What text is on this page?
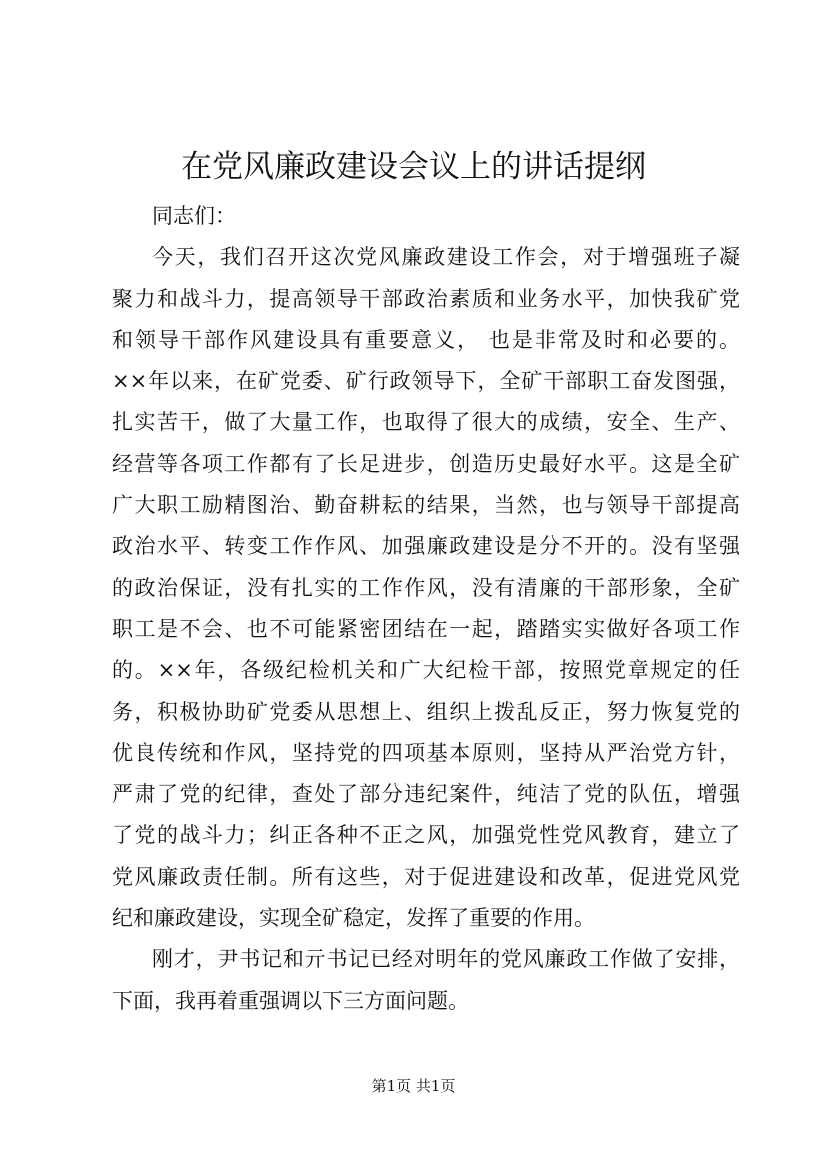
在党风廉政建设会议上的讲话提纲
同志们：
今天，我们召开这次党风廉政建设工作会，对于增强班子凝
聚力和战斗力，提高领导干部政治素质和业务水平，加快我矿党
和领导干部作风建设具有重要意义， 也是非常及时和必要的。
××年以来，在矿党委、矿行政领导下，全矿干部职工奋发图强，
扎实苦干，做了大量工作，也取得了很大的成绩，安全、生产、
经营等各项工作都有了长足进步，创造历史最好水平。这是全矿
广大职工励精图治、勤奋耕耘的结果，当然，也与领导干部提高
政治水平、转变工作作风、加强廉政建设是分不开的。没有坚强
的政治保证，没有扎实的工作作风，没有清廉的干部形象，全矿
职工是不会、也不可能紧密团结在一起，踏踏实实做好各项工作
的。××年，各级纪检机关和广大纪检干部，按照党章规定的任
务，积极协助矿党委从思想上、组织上拨乱反正，努力恢复党的
优良传统和作风，坚持党的四项基本原则，坚持从严治党方针，
严肃了党的纪律，查处了部分违纪案件，纯洁了党的队伍，增强
了党的战斗力；纠正各种不正之风，加强党性党风教育，建立了
党风廉政责任制。所有这些，对于促进建设和改革，促进党风党
纪和廉政建设，实现全矿稳定，发挥了重要的作用。
刚才，尹书记和亓书记已经对明年的党风廉政工作做了安排，
下面，我再着重强调以下三方面问题。
第1页 共1页
